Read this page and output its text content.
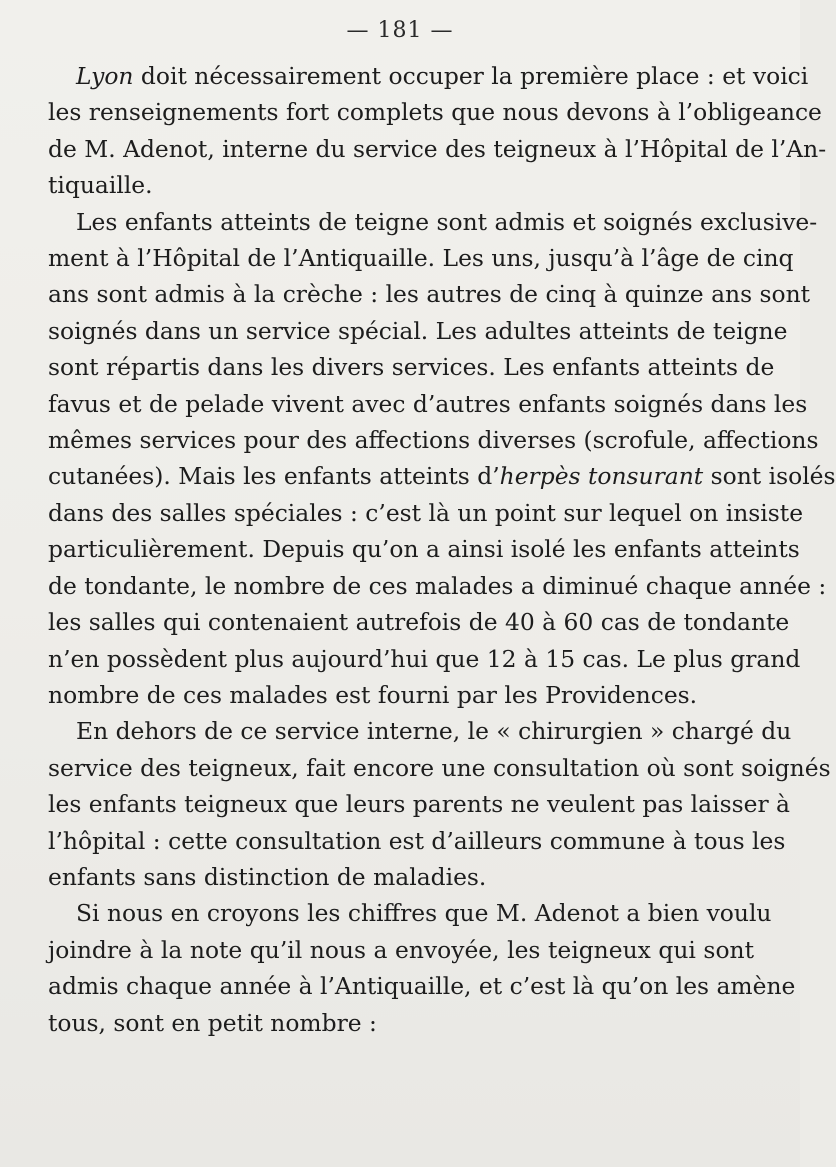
— 181 —

Lyon doit nécessairement occuper la première place : et voici
les renseignements fort complets que nous devons à l’obligeance
de M. Adenot, interne du service des teigneux à l’Hôpital de l’An-
tiquaille.

Les enfants atteints de teigne sont admis et soignés exclusive-
ment à l’Hôpital de l’Antiquaille. Les uns, jusqu’à l’âge de cinq
ans sont admis à la crèche : les autres de cinq à quinze ans sont
soignés dans un service spécial. Les adultes atteints de teigne
sont répartis dans les divers services. Les enfants atteints de
favus et de pelade vivent avec d’autres enfants soignés dans les
mêmes services pour des affections diverses (scrofule, affections
cutanées). Mais les enfants atteints d’herpès tonsurant sont isolés
dans des salles spéciales : c’est là un point sur lequel on insiste
particulièrement. Depuis qu’on a ainsi isolé les enfants atteints
de tondante, le nombre de ces malades a diminué chaque année :
les salles qui contenaient autrefois de 40 à 60 cas de tondante
n’en possèdent plus aujourd’hui que 12 à 15 cas. Le plus grand
nombre de ces malades est fourni par les Providences.

En dehors de ce service interne, le « chirurgien » chargé du
service des teigneux, fait encore une consultation où sont soignés
les enfants teigneux que leurs parents ne veulent pas laisser à
l’hôpital : cette consultation est d’ailleurs commune à tous les
enfants sans distinction de maladies.

Si nous en croyons les chiffres que M. Adenot a bien voulu
joindre à la note qu’il nous a envoyée, les teigneux qui sont
admis chaque année à l’Antiquaille, et c’est là qu’on les amène
tous, sont en petit nombre :
